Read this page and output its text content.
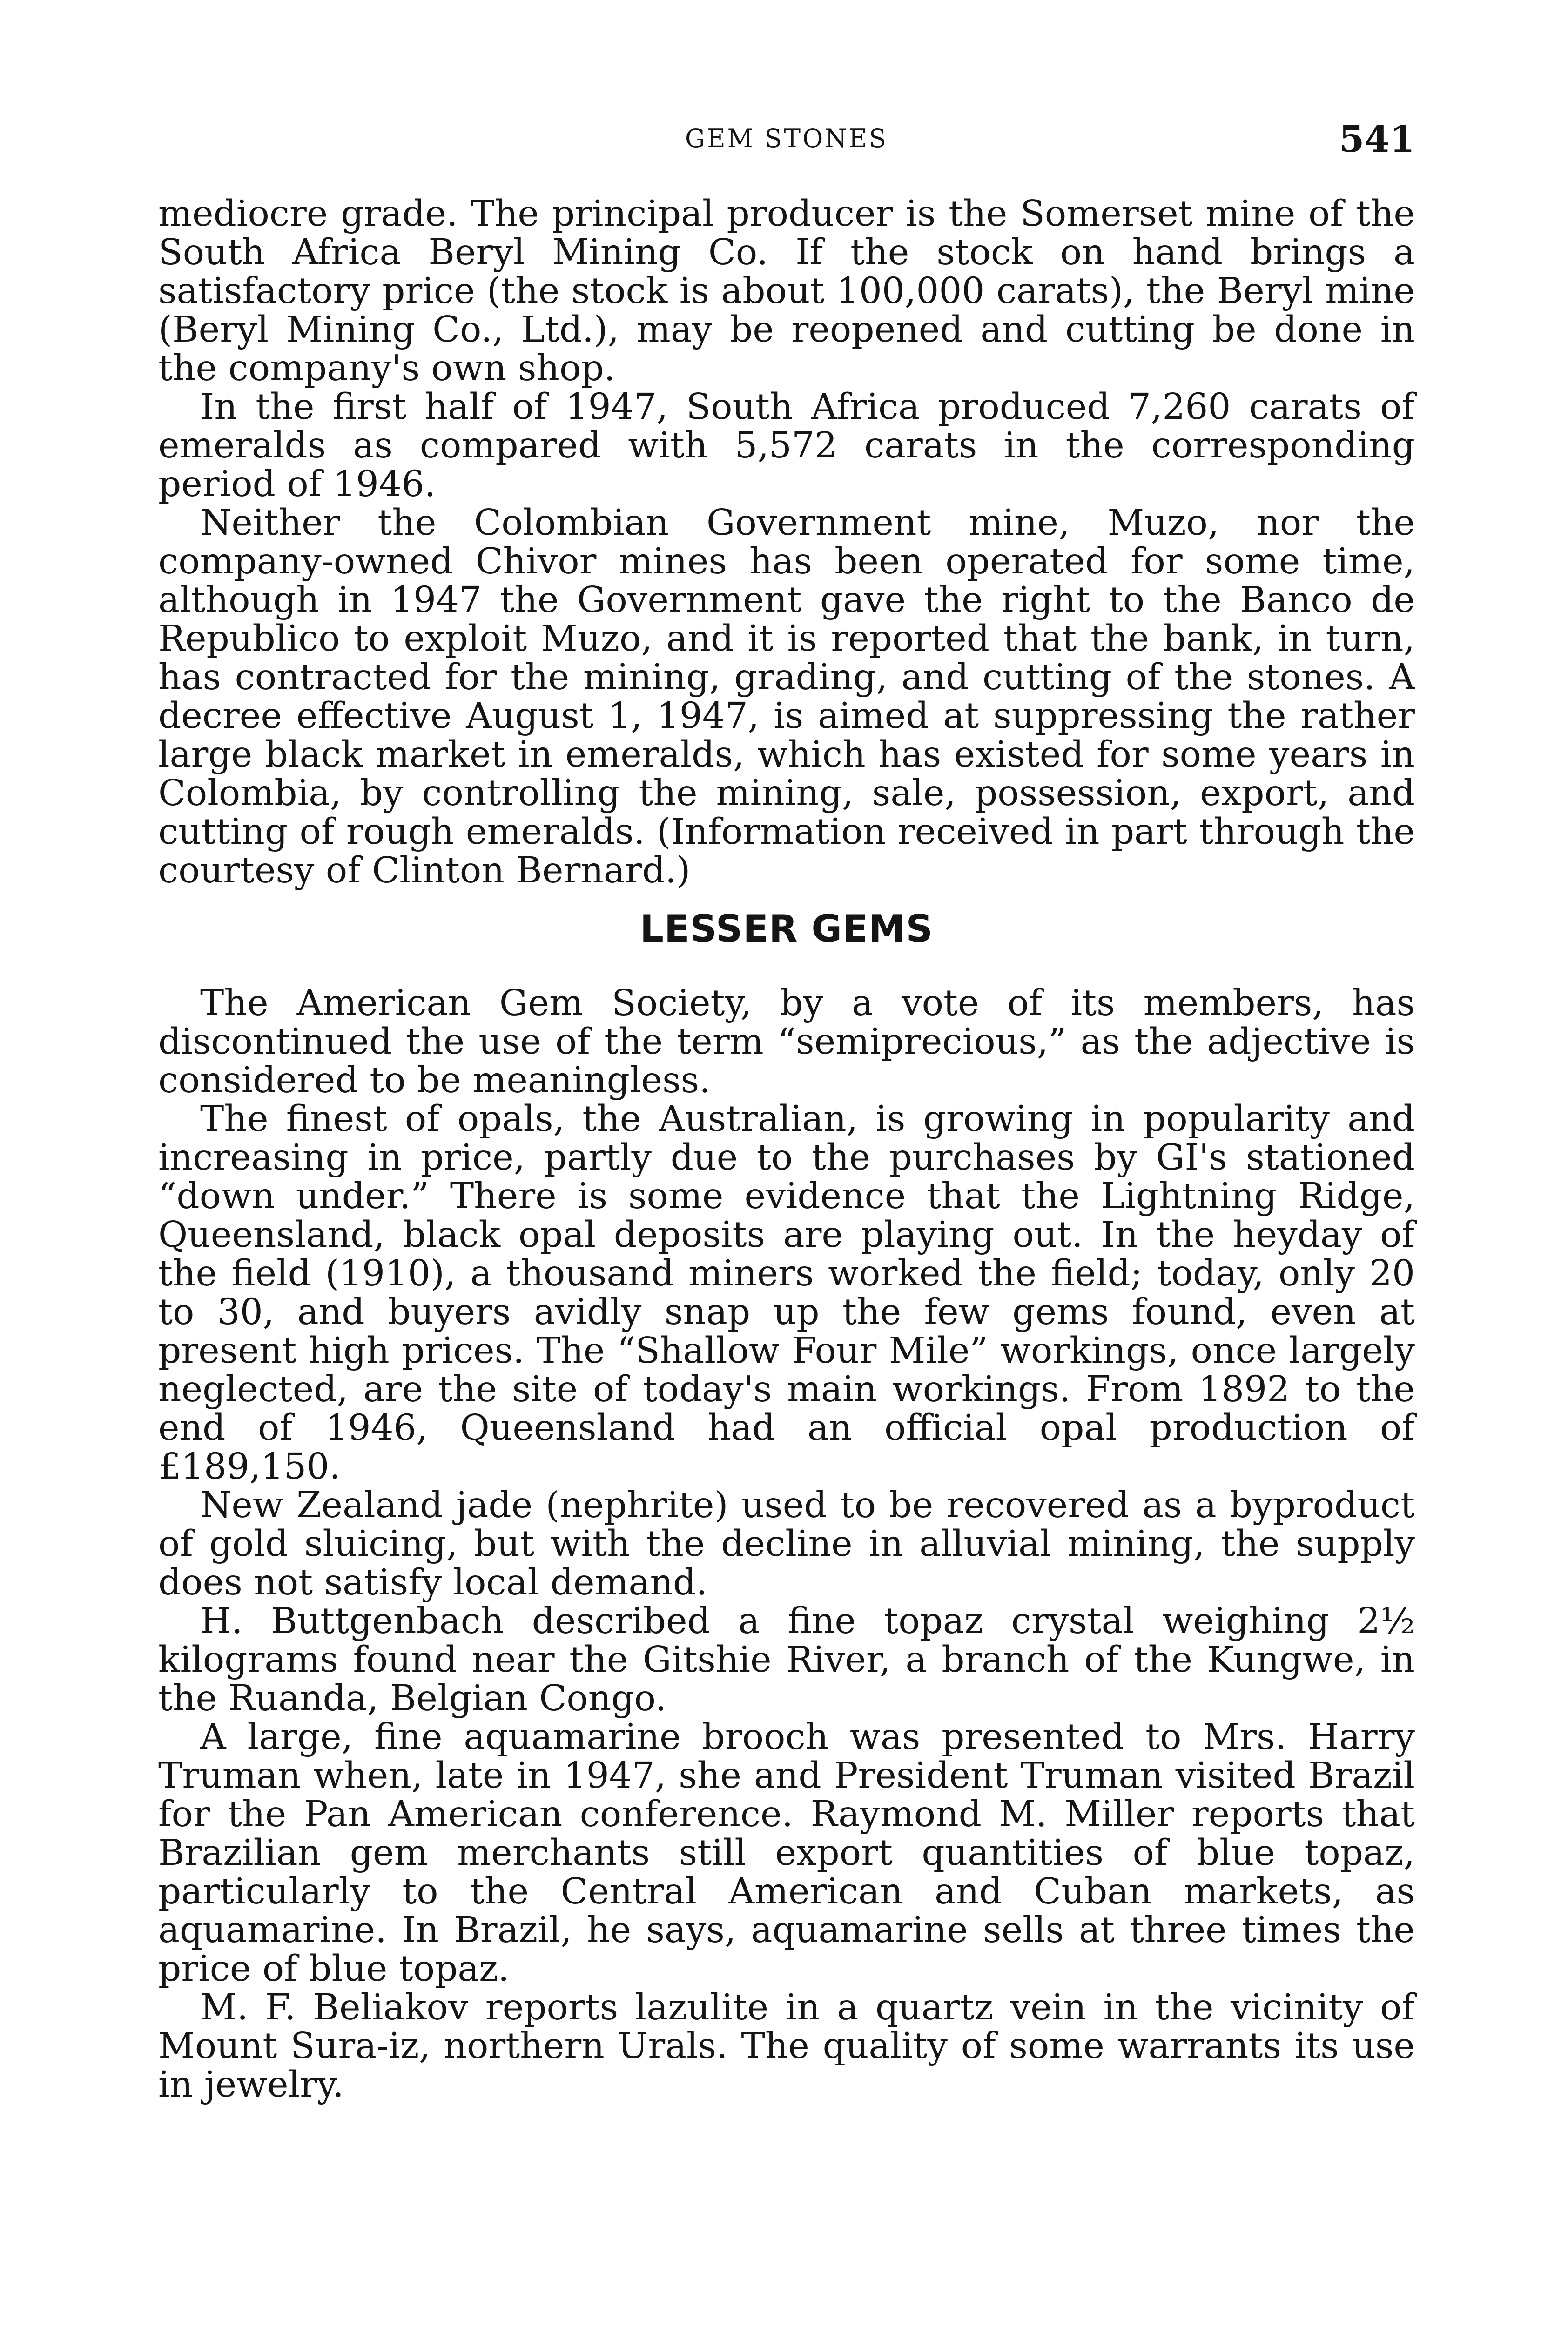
GEM STONES	541

mediocre grade. The principal producer is the Somerset mine of the South Africa Beryl Mining Co. If the stock on hand brings a satisfactory price (the stock is about 100,000 carats), the Beryl mine (Beryl Mining Co., Ltd.), may be reopened and cutting be done in the company's own shop.

In the first half of 1947, South Africa produced 7,260 carats of emeralds as compared with 5,572 carats in the corresponding period of 1946.

Neither the Colombian Government mine, Muzo, nor the company-owned Chivor mines has been operated for some time, although in 1947 the Government gave the right to the Banco de Republico to exploit Muzo, and it is reported that the bank, in turn, has contracted for the mining, grading, and cutting of the stones. A decree effective August 1, 1947, is aimed at suppressing the rather large black market in emeralds, which has existed for some years in Colombia, by controlling the mining, sale, possession, export, and cutting of rough emeralds. (Information received in part through the courtesy of Clinton Bernard.)

LESSER GEMS

The American Gem Society, by a vote of its members, has discontinued the use of the term “semiprecious,” as the adjective is considered to be meaningless.

The finest of opals, the Australian, is growing in popularity and increasing in price, partly due to the purchases by GI's stationed “down under.” There is some evidence that the Lightning Ridge, Queensland, black opal deposits are playing out. In the heyday of the field (1910), a thousand miners worked the field; today, only 20 to 30, and buyers avidly snap up the few gems found, even at present high prices. The “Shallow Four Mile” workings, once largely neglected, are the site of today's main workings. From 1892 to the end of 1946, Queensland had an official opal production of £189,150.

New Zealand jade (nephrite) used to be recovered as a byproduct of gold sluicing, but with the decline in alluvial mining, the supply does not satisfy local demand.

H. Buttgenbach described a fine topaz crystal weighing 2½ kilograms found near the Gitshie River, a branch of the Kungwe, in the Ruanda, Belgian Congo.

A large, fine aquamarine brooch was presented to Mrs. Harry Truman when, late in 1947, she and President Truman visited Brazil for the Pan American conference. Raymond M. Miller reports that Brazilian gem merchants still export quantities of blue topaz, particularly to the Central American and Cuban markets, as aquamarine. In Brazil, he says, aquamarine sells at three times the price of blue topaz.

M. F. Beliakov reports lazulite in a quartz vein in the vicinity of Mount Sura-iz, northern Urals. The quality of some warrants its use in jewelry.
